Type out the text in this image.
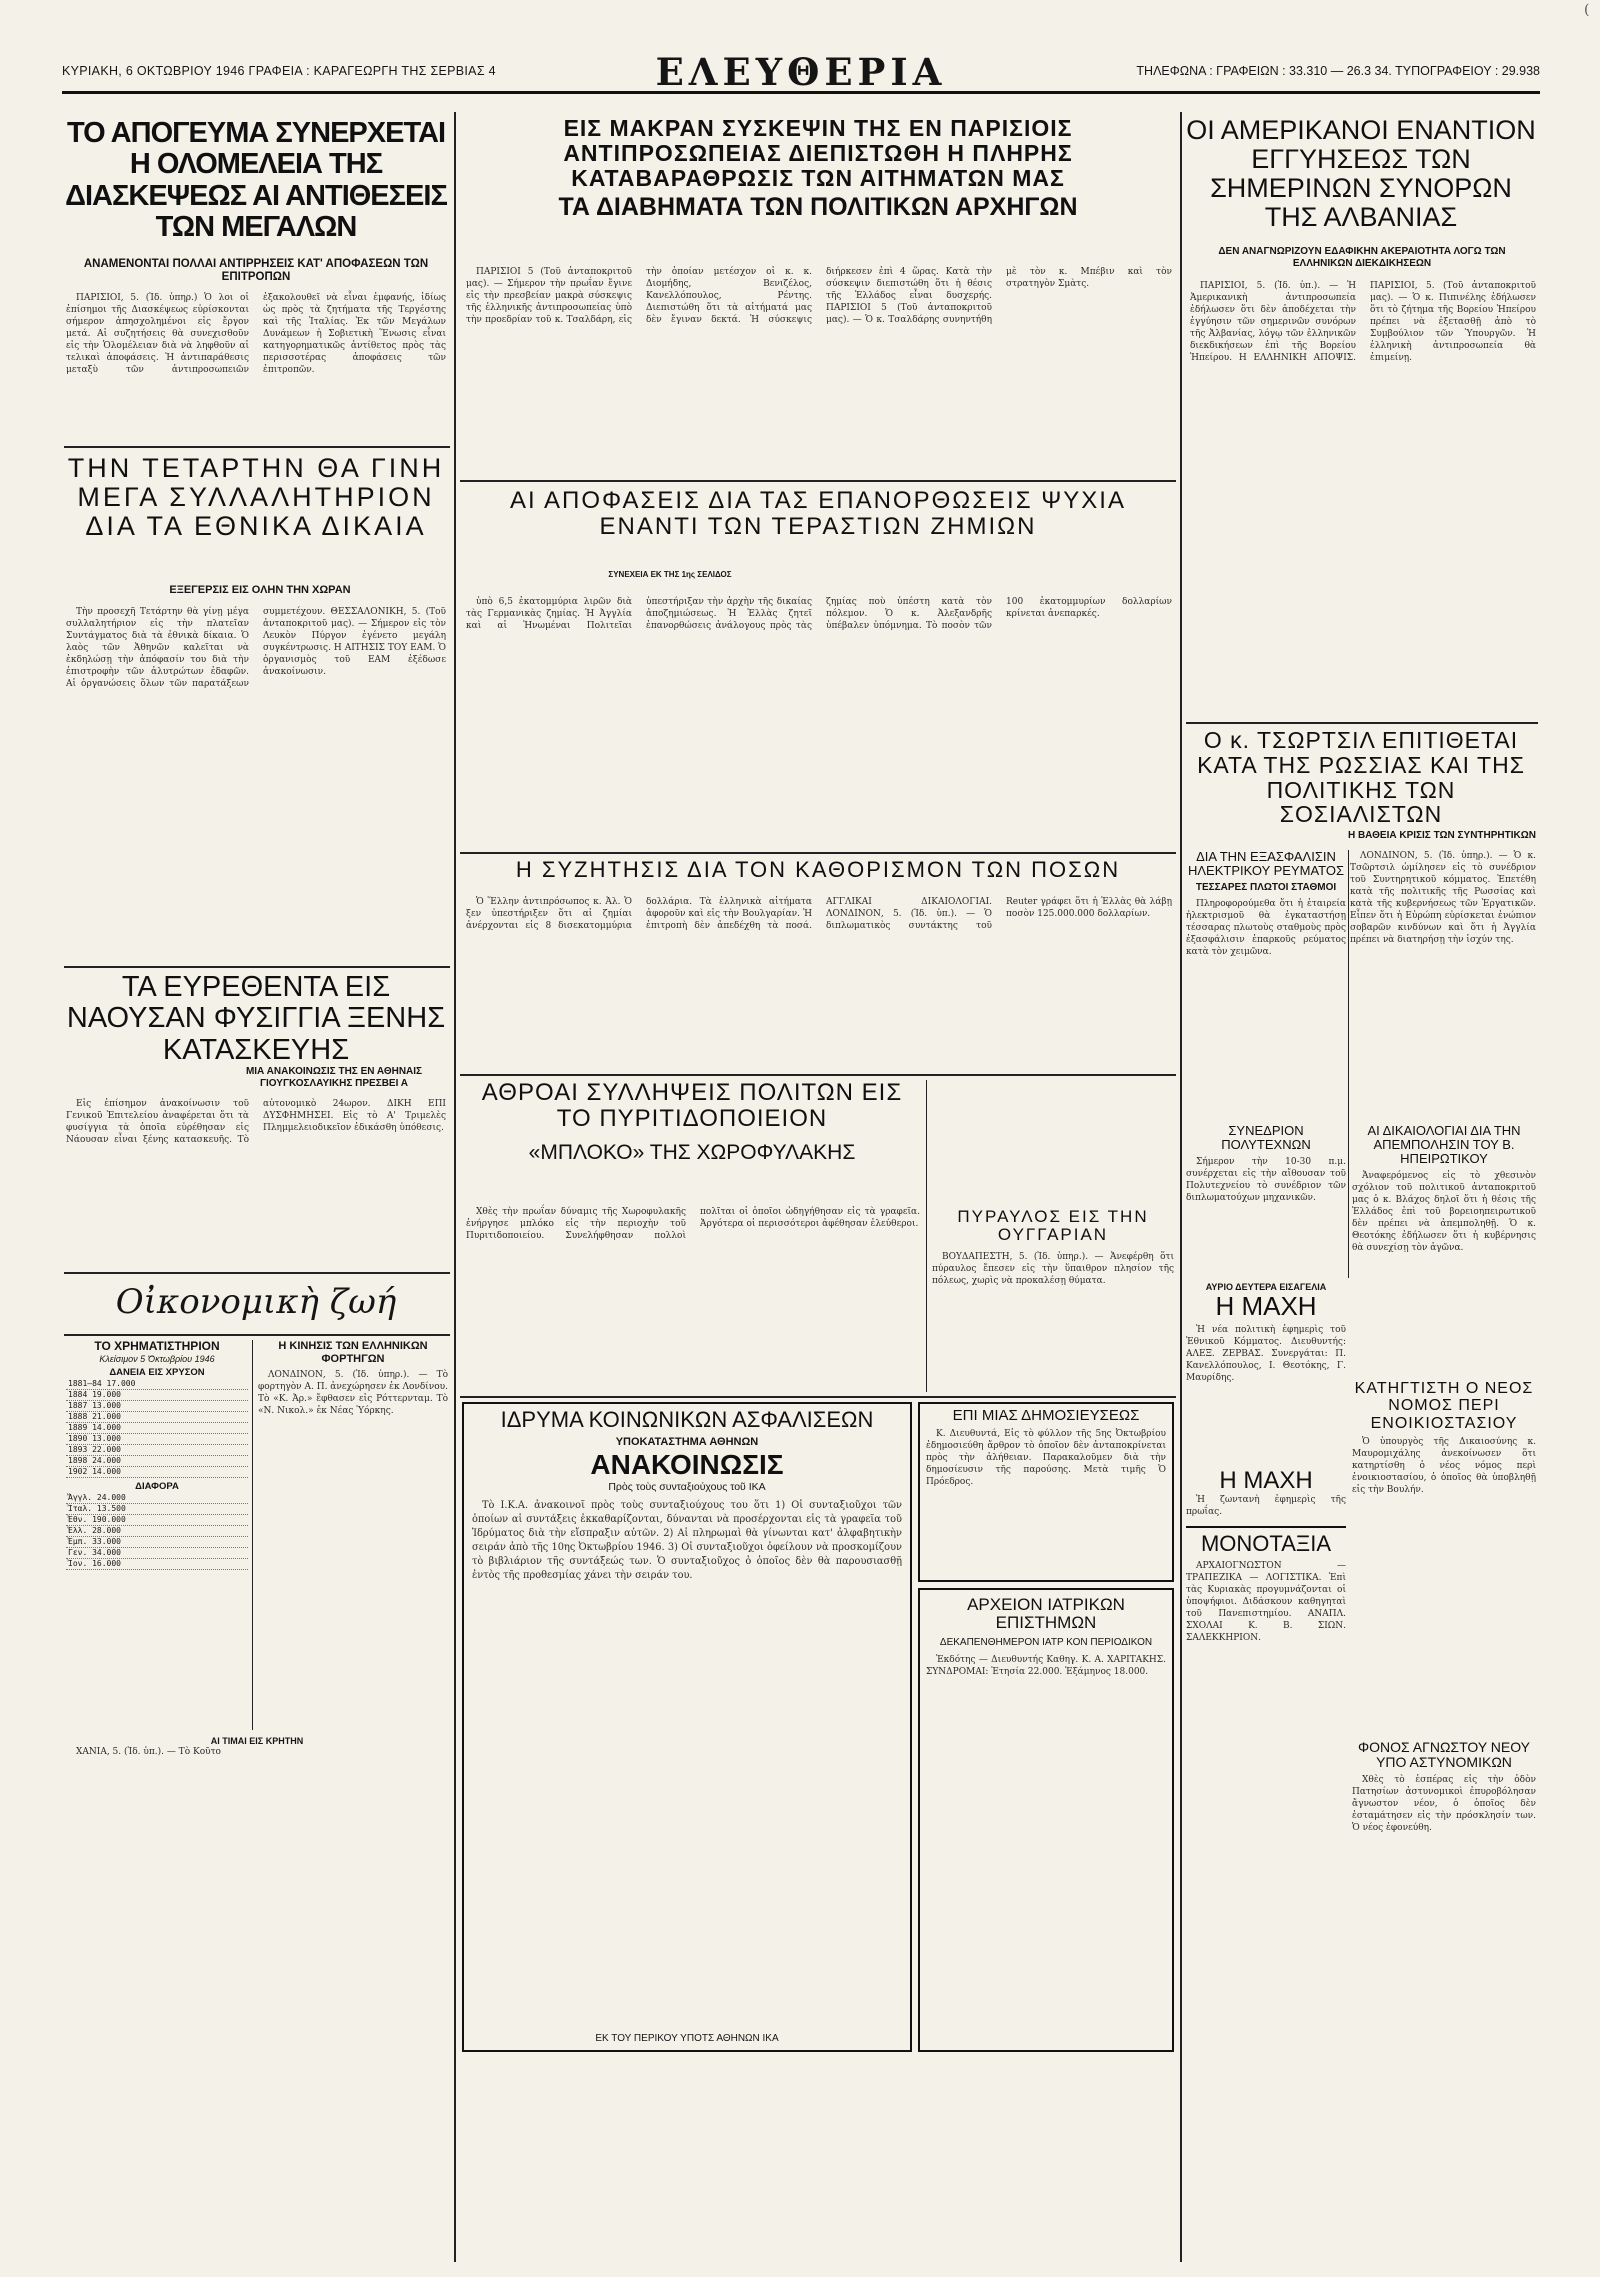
(
ΚΥΡΙΑΚΗ, 6 ΟΚΤΩΒΡΙΟΥ 1946 ΓΡΑΦΕΙΑ : ΚΑΡΑΓΕΩΡΓΗ ΤΗΣ ΣΕΡΒΙΑΣ 4	ΕΛΕΥΘΕΡΙΑ	ΤΗΛΕΦΩΝΑ : ΓΡΑΦΕΙΩΝ : 33.310 — 26.3 34. ΤΥΠΟΓΡΑΦΕΙΟΥ : 29.938
ΤΟ ΑΠΟΓΕΥΜΑ ΣΥΝΕΡΧΕΤΑΙ Η ΟΛΟΜΕΛΕΙΑ ΤΗΣ ΔΙΑΣΚΕΨΕΩΣ ΑΙ ΑΝΤΙΘΕΣΕΙΣ ΤΩΝ ΜΕΓΑΛΩΝ
ΑΝΑΜΕΝΟΝΤΑΙ ΠΟΛΛΑΙ ΑΝΤΙΡΡΗΣΕΙΣ ΚΑΤ' ΑΠΟΦΑΣΕΩΝ ΤΩΝ ΕΠΙΤΡΟΠΩΝ

ΠΑΡΙΣΙΟΙ, 5. (Ἰδ. ὑπηρ.) Ὁ λοι οἱ ἐπίσημοι τῆς Διασκέψεως εὑρίσκονται σήμερον ἀπησχολημένοι εἰς ἔργον μετά. Αἱ συζητήσεις θὰ συνεχισθοῦν εἰς τὴν Ὁλομέλειαν διὰ νὰ ληφθοῦν αἱ τελικαὶ ἀποφάσεις. Ἡ ἀντιπαράθεσις μεταξὺ τῶν ἀντιπροσωπειῶν ἐξακολουθεῖ νὰ εἶναι ἐμφανής, ἰδίως ὡς πρὸς τὰ ζητήματα τῆς Τεργέστης καὶ τῆς Ἰταλίας. Ἐκ τῶν Μεγάλων Δυνάμεων ἡ Σοβιετικὴ Ἕνωσις εἶναι κατηγορηματικῶς ἀντίθετος πρὸς τὰς περισσοτέρας ἀποφάσεις τῶν ἐπιτροπῶν.

ΤΗΝ ΤΕΤΑΡΤΗΝ ΘΑ ΓΙΝΗ ΜΕΓΑ ΣΥΛΛΑΛΗΤΗΡΙΟΝ ΔΙΑ ΤΑ ΕΘΝΙΚΑ ΔΙΚΑΙΑ
ΕΞΕΓΕΡΣΙΣ ΕΙΣ ΟΛΗΝ ΤΗΝ ΧΩΡΑΝ

Τὴν προσεχῆ Τετάρτην θὰ γίνῃ μέγα συλλαλητήριον εἰς τὴν πλατεῖαν Συντάγματος διὰ τὰ ἐθνικὰ δίκαια. Ὁ λαὸς τῶν Ἀθηνῶν καλεῖται νὰ ἐκδηλώσῃ τὴν ἀπόφασίν του διὰ τὴν ἐπιστροφὴν τῶν ἀλυτρώτων ἐδαφῶν. Αἱ ὀργανώσεις ὅλων τῶν παρατάξεων συμμετέχουν. ΘΕΣΣΑΛΟΝΙΚΗ, 5. (Τοῦ ἀνταποκριτοῦ μας). — Σήμερον εἰς τὸν Λευκὸν Πύργον ἐγένετο μεγάλη συγκέντρωσις. Η ΑΙΤΗΣΙΣ ΤΟΥ ΕΑΜ. Ὁ ὀργανισμὸς τοῦ ΕΑΜ ἐξέδωσε ἀνακοίνωσιν.

ΤΑ ΕΥΡΕΘΕΝΤΑ ΕΙΣ ΝΑΟΥΣΑΝ ΦΥΣΙΓΓΙΑ ΞΕΝΗΣ ΚΑΤΑΣΚΕΥΗΣ
ΜΙΑ ΑΝΑΚΟΙΝΩΣΙΣ ΤΗΣ ΕΝ ΑΘΗΝΑΙΣ ΓΙΟΥΓΚΟΣΛΑΥΙΚΗΣ ΠΡΕΣΒΕΙ Α

Εἰς ἐπίσημον ἀνακοίνωσιν τοῦ Γενικοῦ Ἐπιτελείου ἀναφέρεται ὅτι τὰ φυσίγγια τὰ ὁποῖα εὑρέθησαν εἰς Νάουσαν εἶναι ξένης κατασκευῆς. Τὸ αὐτονομικὸ 24ωρον. ΔΙΚΗ ΕΠΙ ΔΥΣΦΗΜΗΣΕΙ. Εἰς τὸ Α' Τριμελὲς Πλημμελειοδικεῖον ἐδικάσθη ὑπόθεσις.

Οἰκονομικὴ ζωή
ΤΟ ΧΡΗΜΑΤΙΣΤΗΡΙΟΝ
Κλείσιμον 5 Ὀκτωβρίου 1946
ΔΑΝΕΙΑ ΕΙΣ ΧΡΥΣΟΝ
1881—84 17.000
1884 19.000
1887 13.000
1888 21.000
1889 14.000
1890 13.000
1893 22.000
1898 24.000
1902 14.000
ΔΙΑΦΟΡΑ
Ἄγγλ. 24.000
Ἰταλ. 13.500
Ἐθν. 190.000
Ἑλλ. 28.000
Ἐμπ. 33.000
Γεν. 34.000
Ἰον. 16.000
Η ΚΙΝΗΣΙΣ ΤΩΝ ΕΛΛΗΝΙΚΩΝ ΦΟΡΤΗΓΩΝ

ΛΟΝΔΙΝΟΝ, 5. (Ἰδ. ὑπηρ.). — Τὸ φορτηγὸν Α. Π. ἀνεχώρησεν ἐκ Λονδίνου. Τὸ «Κ. Ἀρ.» ἔφθασεν εἰς Ρόττερνταμ. Τὸ «Ν. Νικολ.» ἐκ Νέας Ὑόρκης.

ΑΙ ΤΙΜΑΙ ΕΙΣ ΚΡΗΤΗΝ

ΧΑΝΙΑ, 5. (Ἰδ. ὑπ.). — Τὸ Κοῦτο

ΕΙΣ ΜΑΚΡΑΝ ΣΥΣΚΕΨΙΝ ΤΗΣ ΕΝ ΠΑΡΙΣΙΟΙΣ ΑΝΤΙΠΡΟΣΩΠΕΙΑΣ ΔΙΕΠΙΣΤΩΘΗ Η ΠΛΗΡΗΣ ΚΑΤΑΒΑΡΑΘΡΩΣΙΣ ΤΩΝ ΑΙΤΗΜΑΤΩΝ ΜΑΣ
ΤΑ ΔΙΑΒΗΜΑΤΑ ΤΩΝ ΠΟΛΙΤΙΚΩΝ ΑΡΧΗΓΩΝ

ΠΑΡΙΣΙΟΙ 5 (Τοῦ ἀνταποκριτοῦ μας). — Σήμερον τὴν πρωΐαν ἔγινε εἰς τὴν πρεσβείαν μακρὰ σύσκεψις τῆς ἑλληνικῆς ἀντιπροσωπείας ὑπὸ τὴν προεδρίαν τοῦ κ. Τσαλδάρη, εἰς τὴν ὁποίαν μετέσχον οἱ κ. κ. Διομήδης, Βενιζέλος, Κανελλόπουλος, Ρέντης. Διεπιστώθη ὅτι τὰ αἰτήματά μας δὲν ἔγιναν δεκτά. Ἡ σύσκεψις διήρκεσεν ἐπὶ 4 ὥρας. Κατὰ τὴν σύσκεψιν διεπιστώθη ὅτι ἡ θέσις τῆς Ἑλλάδος εἶναι δυσχερής. ΠΑΡΙΣΙΟΙ 5 (Τοῦ ἀνταποκριτοῦ μας). — Ὁ κ. Τσαλδάρης συνηντήθη μὲ τὸν κ. Μπέβιν καὶ τὸν στρατηγὸν Σμὰτς.

ΑΙ ΑΠΟΦΑΣΕΙΣ ΔΙΑ ΤΑΣ ΕΠΑΝΟΡΘΩΣΕΙΣ ΨΥΧΙΑ ΕΝΑΝΤΙ ΤΩΝ ΤΕΡΑΣΤΙΩΝ ΖΗΜΙΩΝ
ΣΥΝΕΧΕΙΑ ΕΚ ΤΗΣ 1ης ΣΕΛΙΔΟΣ

ὑπὸ 6,5 ἑκατομμύρια λιρῶν διὰ τὰς Γερμανικὰς ζημίας. Ἡ Ἀγγλία καὶ αἱ Ἡνωμέναι Πολιτεῖαι ὑπεστήριξαν τὴν ἀρχὴν τῆς δικαίας ἀποζημιώσεως. Ἡ Ἑλλὰς ζητεῖ ἐπανορθώσεις ἀνάλογους πρὸς τὰς ζημίας ποὺ ὑπέστη κατὰ τὸν πόλεμον. Ὁ κ. Ἀλεξανδρῆς ὑπέβαλεν ὑπόμνημα. Τὸ ποσὸν τῶν 100 ἑκατομμυρίων δολλαρίων κρίνεται ἀνεπαρκές.

Η ΣΥΖΗΤΗΣΙΣ ΔΙΑ ΤΟΝ ΚΑΘΟΡΙΣΜΟΝ ΤΩΝ ΠΟΣΩΝ

Ὁ Ἕλλην ἀντιπρόσωπος κ. Ἀλ. Ὁ ξεν ὑπεστήριξεν ὅτι αἱ ζημίαι ἀνέρχονται εἰς 8 δισεκατομμύρια δολλάρια. Τὰ ἑλληνικὰ αἰτήματα ἀφοροῦν καὶ εἰς τὴν Βουλγαρίαν. Ἡ ἐπιτροπὴ δὲν ἀπεδέχθη τὰ ποσά. ΑΓΓΛΙΚΑΙ ΔΙΚΑΙΟΛΟΓΙΑΙ. ΛΟΝΔΙΝΟΝ, 5. (Ἰδ. ὑπ.). — Ὁ διπλωματικὸς συντάκτης τοῦ Reuter γράφει ὅτι ἡ Ἑλλὰς θὰ λάβῃ ποσὸν 125.000.000 δολλαρίων.

ΑΘΡΟΑΙ ΣΥΛΛΗΨΕΙΣ ΠΟΛΙΤΩΝ ΕΙΣ ΤΟ ΠΥΡΙΤΙΔΟΠΟΙΕΙΟΝ
«ΜΠΛΟΚΟ» ΤΗΣ ΧΩΡΟΦΥΛΑΚΗΣ

Χθὲς τὴν πρωΐαν δύναμις τῆς Χωροφυλακῆς ἐνήργησε μπλόκο εἰς τὴν περιοχὴν τοῦ Πυριτιδοποιείου. Συνελήφθησαν πολλοὶ πολῖται οἱ ὁποῖοι ὡδηγήθησαν εἰς τὰ γραφεῖα. Ἀργότερα οἱ περισσότεροι ἀφέθησαν ἐλεύθεροι.	ΠΥΡΑΥΛΟΣ ΕΙΣ ΤΗΝ ΟΥΓΓΑΡΙΑΝ

ΒΟΥΔΑΠΕΣΤΗ, 5. (Ἰδ. ὑπηρ.). — Ἀνεφέρθη ὅτι πύραυλος ἔπεσεν εἰς τὴν ὕπαιθρον πλησίον τῆς πόλεως, χωρὶς νὰ προκαλέσῃ θύματα.

ΙΔΡΥΜΑ ΚΟΙΝΩΝΙΚΩΝ ΑΣΦΑΛΙΣΕΩΝ
ΥΠΟΚΑΤΑΣΤΗΜΑ ΑΘΗΝΩΝ
ΑΝΑΚΟΙΝΩΣΙΣ
Πρὸς τοὺς συνταξιούχους τοῦ ΙΚΑ

Τὸ Ι.Κ.Α. ἀνακοινοῖ πρὸς τοὺς συνταξιούχους του ὅτι 1) Οἱ συνταξιοῦχοι τῶν ὁποίων αἱ συντάξεις ἐκκαθαρίζονται, δύνανται νὰ προσέρχονται εἰς τὰ γραφεῖα τοῦ Ἱδρύματος διὰ τὴν εἴσπραξιν αὐτῶν. 2) Αἱ πληρωμαὶ θὰ γίνωνται κατ' ἀλφαβητικὴν σειράν ἀπὸ τῆς 10ης Ὀκτωβρίου 1946. 3) Οἱ συνταξιοῦχοι ὀφείλουν νὰ προσκομίζουν τὸ βιβλιάριον τῆς συντάξεώς των. Ὁ συνταξιοῦχος ὁ ὁποῖος δὲν θὰ παρουσιασθῇ ἐντὸς τῆς προθεσμίας χάνει τὴν σειράν του.

ΕΚ ΤΟΥ ΠΕΡΙΚΟΥ ΥΠΟΤΣ ΑΘΗΝΩΝ ΙΚΑ
ΕΠΙ ΜΙΑΣ ΔΗΜΟΣΙΕΥΣΕΩΣ

Κ. Διευθυντά, Εἰς τὸ φύλλον τῆς 5ης Ὀκτωβρίου ἐδημοσιεύθη ἄρθρον τὸ ὁποῖον δὲν ἀνταποκρίνεται πρὸς τὴν ἀλήθειαν. Παρακαλοῦμεν διὰ τὴν δημοσίευσιν τῆς παρούσης. Μετὰ τιμῆς Ὁ Πρόεδρος.

ΑΡΧΕΙΟΝ ΙΑΤΡΙΚΩΝ ΕΠΙΣΤΗΜΩΝ
ΔΕΚΑΠΕΝΘΗΜΕΡΟΝ ΙΑΤΡ ΚΟΝ ΠΕΡΙΟΔΙΚΟΝ

Ἐκδότης — Διευθυντής Καθηγ. Κ. Α. ΧΑΡΙΤΑΚΗΣ. ΣΥΝΔΡΟΜΑΙ: Ἐτησία 22.000. Ἑξάμηνος 18.000.

ΟΙ ΑΜΕΡΙΚΑΝΟΙ ΕΝΑΝΤΙΟΝ ΕΓΓΥΗΣΕΩΣ ΤΩΝ ΣΗΜΕΡΙΝΩΝ ΣΥΝΟΡΩΝ ΤΗΣ ΑΛΒΑΝΙΑΣ
ΔΕΝ ΑΝΑΓΝΩΡΙΖΟΥΝ ΕΔΑΦΙΚΗΝ ΑΚΕΡΑΙΟΤΗΤΑ ΛΟΓΩ ΤΩΝ ΕΛΛΗΝΙΚΩΝ ΔΙΕΚΔΙΚΗΣΕΩΝ

ΠΑΡΙΣΙΟΙ, 5. (Ἰδ. ὑπ.). — Ἡ Ἀμερικανικὴ ἀντιπροσωπεία ἐδήλωσεν ὅτι δὲν ἀποδέχεται τὴν ἐγγύησιν τῶν σημερινῶν συνόρων τῆς Ἀλβανίας, λόγῳ τῶν ἑλληνικῶν διεκδικήσεων ἐπὶ τῆς Βορείου Ἠπείρου. Η ΕΛΛΗΝΙΚΗ ΑΠΟΨΙΣ. ΠΑΡΙΣΙΟΙ, 5. (Τοῦ ἀνταποκριτοῦ μας). — Ὁ κ. Πιπινέλης ἐδήλωσεν ὅτι τὸ ζήτημα τῆς Βορείου Ἠπείρου πρέπει νὰ ἐξετασθῇ ἀπὸ τὸ Συμβούλιον τῶν Ὑπουργῶν. Ἡ ἑλληνικὴ ἀντιπροσωπεία θὰ ἐπιμείνῃ.

Ο κ. ΤΣΩΡΤΣΙΛ ΕΠΙΤΙΘΕΤΑΙ ΚΑΤΑ ΤΗΣ ΡΩΣΣΙΑΣ ΚΑΙ ΤΗΣ ΠΟΛΙΤΙΚΗΣ ΤΩΝ ΣΟΣΙΑΛΙΣΤΩΝ
Η ΒΑΘΕΙΑ ΚΡΙΣΙΣ ΤΩΝ ΣΥΝΤΗΡΗΤΙΚΩΝ

ΛΟΝΔΙΝΟΝ, 5. (Ἰδ. ὑπηρ.). — Ὁ κ. Τσῶρτσιλ ὡμίλησεν εἰς τὸ συνέδριον τοῦ Συντηρητικοῦ κόμματος. Ἐπετέθη κατὰ τῆς πολιτικῆς τῆς Ρωσσίας καὶ κατὰ τῆς κυβερνήσεως τῶν Ἐργατικῶν. Εἶπεν ὅτι ἡ Εὐρώπη εὑρίσκεται ἐνώπιον σοβαρῶν κινδύνων καὶ ὅτι ἡ Ἀγγλία πρέπει νὰ διατηρήσῃ τὴν ἰσχύν της.

ΔΙΑ ΤΗΝ ΕΞΑΣΦΑΛΙΣΙΝ ΗΛΕΚΤΡΙΚΟΥ ΡΕΥΜΑΤΟΣ
ΤΕΣΣΑΡΕΣ ΠΛΩΤΟΙ ΣΤΑΘΜΟΙ

Πληροφορούμεθα ὅτι ἡ ἑταιρεία ἠλεκτρισμοῦ θὰ ἐγκαταστήσῃ τέσσαρας πλωτοὺς σταθμοὺς πρὸς ἐξασφάλισιν ἐπαρκοῦς ρεύματος κατὰ τὸν χειμῶνα.

ΣΥΝΕΔΡΙΟΝ ΠΟΛΥΤΕΧΝΩΝ

Σήμερον τὴν 10-30 π.μ. συνέρχεται εἰς τὴν αἴθουσαν τοῦ Πολυτεχνείου τὸ συνέδριον τῶν διπλωματούχων μηχανικῶν.

ΑΥΡΙΟ ΔΕΥΤΕΡΑ ΕΙΣΑΓΕΛΙΑ
Η ΜΑΧΗ

Ἡ νέα πολιτικὴ ἐφημερὶς τοῦ Ἐθνικοῦ Κόμματος. Διευθυντής: ΑΛΕΞ. ΖΕΡΒΑΣ. Συνεργάται: Π. Κανελλόπουλος, Ι. Θεοτόκης, Γ. Μαυρίδης.

Η ΜΑΧΗ

Ἡ ζωντανὴ ἐφημερὶς τῆς πρωΐας.

ΜΟΝΟΤΑΞΙΑ

ΑΡΧΑΙΟΓΝΩΣΤΟΝ — ΤΡΑΠΕΖΙΚΑ — ΛΟΓΙΣΤΙΚΑ. Ἐπὶ τὰς Κυριακὰς προγυμνάζονται οἱ ὑποψήφιοι. Διδάσκουν καθηγηταὶ τοῦ Πανεπιστημίου. ΑΝΑΠΛ. ΣΧΟΛΑΙ Κ. Β. ΣΙΩΝ. ΣΑΛΕΚΚΗΡΙΟΝ.

ΑΙ ΔΙΚΑΙΟΛΟΓΙΑΙ ΔΙΑ ΤΗΝ ΑΠΕΜΠΟΛΗΣΙΝ ΤΟΥ Β. ΗΠΕΙΡΩΤΙΚΟΥ

Ἀναφερόμενος εἰς τὸ χθεσινὸν σχόλιον τοῦ πολιτικοῦ ἀνταποκριτοῦ μας ὁ κ. Βλάχος δηλοῖ ὅτι ἡ θέσις τῆς Ἑλλάδος ἐπὶ τοῦ βορειοηπειρωτικοῦ δὲν πρέπει νὰ ἀπεμποληθῇ. Ὁ κ. Θεοτόκης ἐδήλωσεν ὅτι ἡ κυβέρνησις θὰ συνεχίσῃ τὸν ἀγῶνα.

ΚΑΤΗΓΤΙΣΤΗ Ο ΝΕΟΣ ΝΟΜΟΣ ΠΕΡΙ ΕΝΟΙΚΙΟΣΤΑΣΙΟΥ

Ὁ ὑπουργὸς τῆς Δικαιοσύνης κ. Μαυρομιχάλης ἀνεκοίνωσεν ὅτι κατηρτίσθη ὁ νέος νόμος περὶ ἐνοικιοστασίου, ὁ ὁποῖος θὰ ὑποβληθῇ εἰς τὴν Βουλήν.

ΦΟΝΟΣ ΑΓΝΩΣΤΟΥ ΝΕΟΥ ΥΠΟ ΑΣΤΥΝΟΜΙΚΩΝ

Χθὲς τὸ ἑσπέρας εἰς τὴν ὁδὸν Πατησίων ἀστυνομικοὶ ἐπυροβόλησαν ἄγνωστον νέον, ὁ ὁποῖος δὲν ἐσταμάτησεν εἰς τὴν πρόσκλησίν των. Ὁ νέος ἐφονεύθη.
